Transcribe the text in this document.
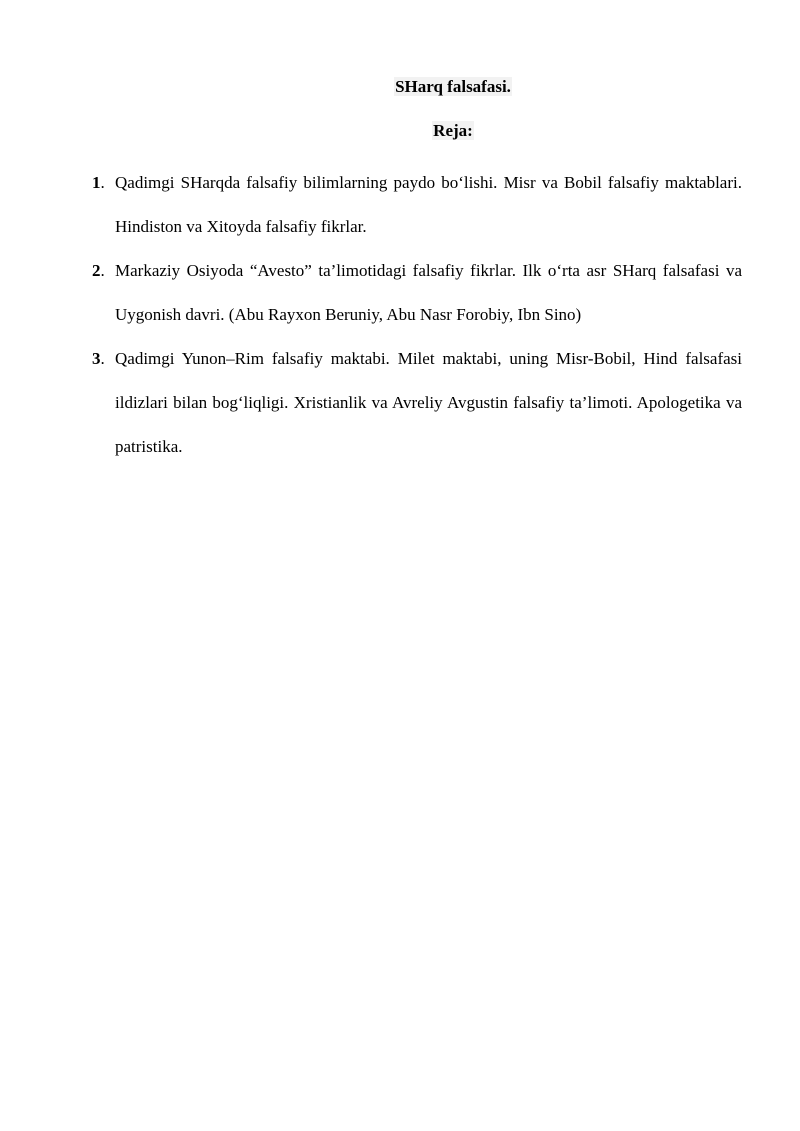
SHarq falsafasi.
Reja:
1. Qadimgi SHarqda falsafiy bilimlarning paydo bo‘lishi. Misr va Bobil falsafiy maktablari. Hindiston va Xitoyda falsafiy fikrlar.
2. Markaziy Osiyoda “Avesto” ta’limotidagi falsafiy fikrlar. Ilk o‘rta asr SHarq falsafasi va Uygonish davri. (Abu Rayxon Beruniy, Abu Nasr Forobiy, Ibn Sino)
3. Qadimgi Yunon–Rim falsafiy maktabi. Milet maktabi, uning Misr-Bobil, Hind falsafasi ildizlari bilan bog‘liqligi. Xristianlik va Avreliy Avgustin falsafiy ta’limoti. Apologetika va patristika.
